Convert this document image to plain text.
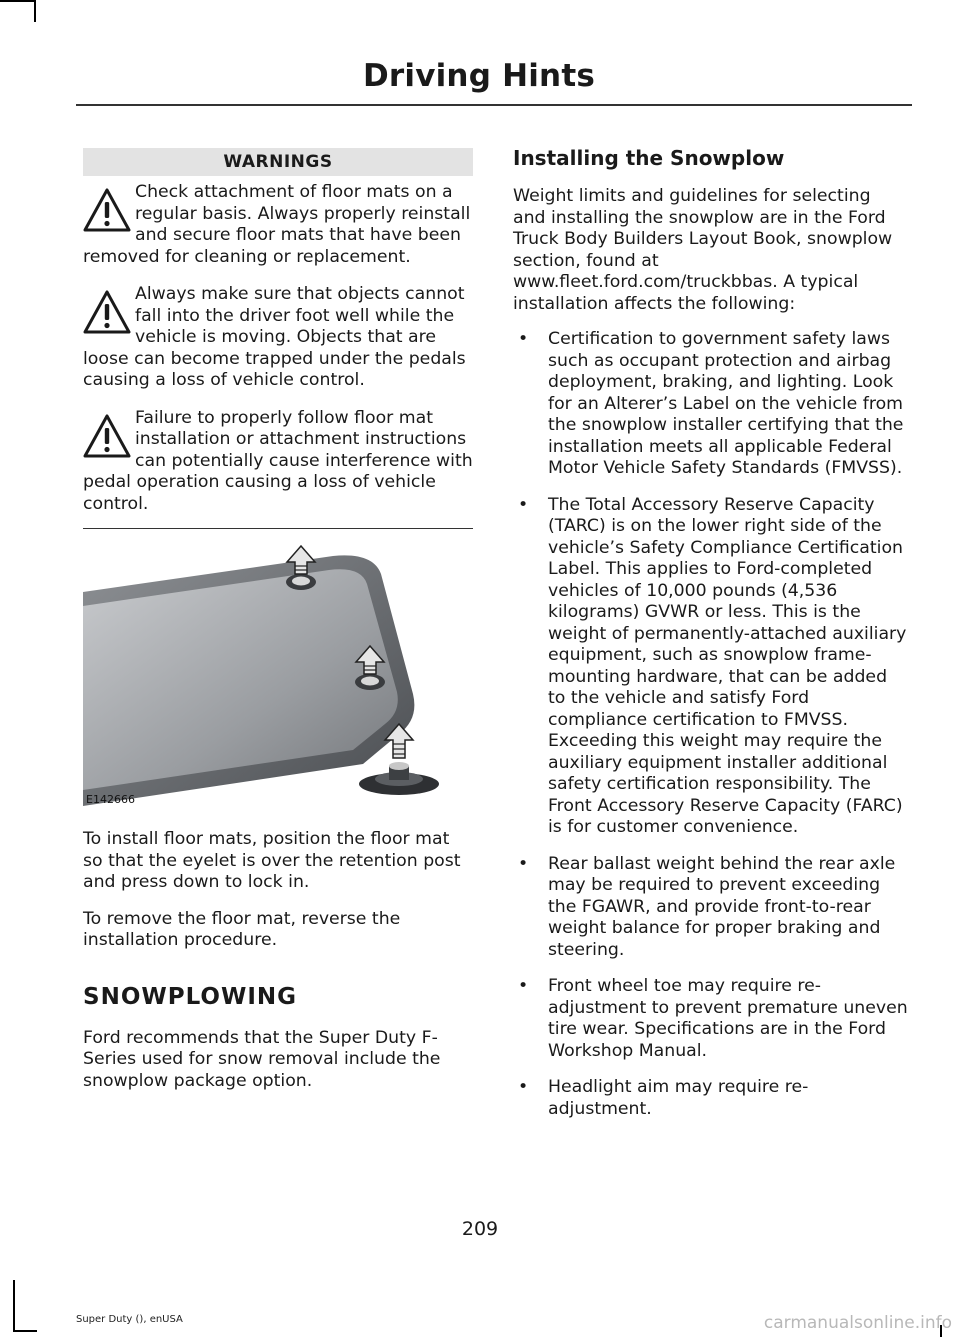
Driving Hints
WARNINGS
Check attachment of floor mats on a regular basis. Always properly reinstall and secure floor mats that have been removed for cleaning or replacement.
Always make sure that objects cannot fall into the driver foot well while the vehicle is moving. Objects that are loose can become trapped under the pedals causing a loss of vehicle control.
Failure to properly follow floor mat installation or attachment instructions can potentially cause interference with pedal operation causing a loss of vehicle control.
E142666

To install floor mats, position the floor mat so that the eyelet is over the retention post and press down to lock in.

To remove the floor mat, reverse the installation procedure.

SNOWPLOWING

Ford recommends that the Super Duty F-Series used for snow removal include the snowplow package option.

Installing the Snowplow

Weight limits and guidelines for selecting and installing the snowplow are in the Ford Truck Body Builders Layout Book, snowplow section, found at www.fleet.ford.com/truckbbas. A typical installation affects the following:

• Certification to government safety laws such as occupant protection and airbag deployment, braking, and lighting. Look for an Alterer’s Label on the vehicle from the snowplow installer certifying that the installation meets all applicable Federal Motor Vehicle Safety Standards (FMVSS).
• The Total Accessory Reserve Capacity (TARC) is on the lower right side of the vehicle’s Safety Compliance Certification Label. This applies to Ford-completed vehicles of 10,000 pounds (4,536 kilograms) GVWR or less. This is the weight of permanently-attached auxiliary equipment, such as snowplow frame-mounting hardware, that can be added to the vehicle and satisfy Ford compliance certification to FMVSS. Exceeding this weight may require the auxiliary equipment installer additional safety certification responsibility. The Front Accessory Reserve Capacity (FARC) is for customer convenience.
• Rear ballast weight behind the rear axle may be required to prevent exceeding the FGAWR, and provide front-to-rear weight balance for proper braking and steering.
• Front wheel toe may require re-adjustment to prevent premature uneven tire wear. Specifications are in the Ford Workshop Manual.
• Headlight aim may require re-adjustment.
209
Super Duty (), enUSA	carmanualsonline.info
